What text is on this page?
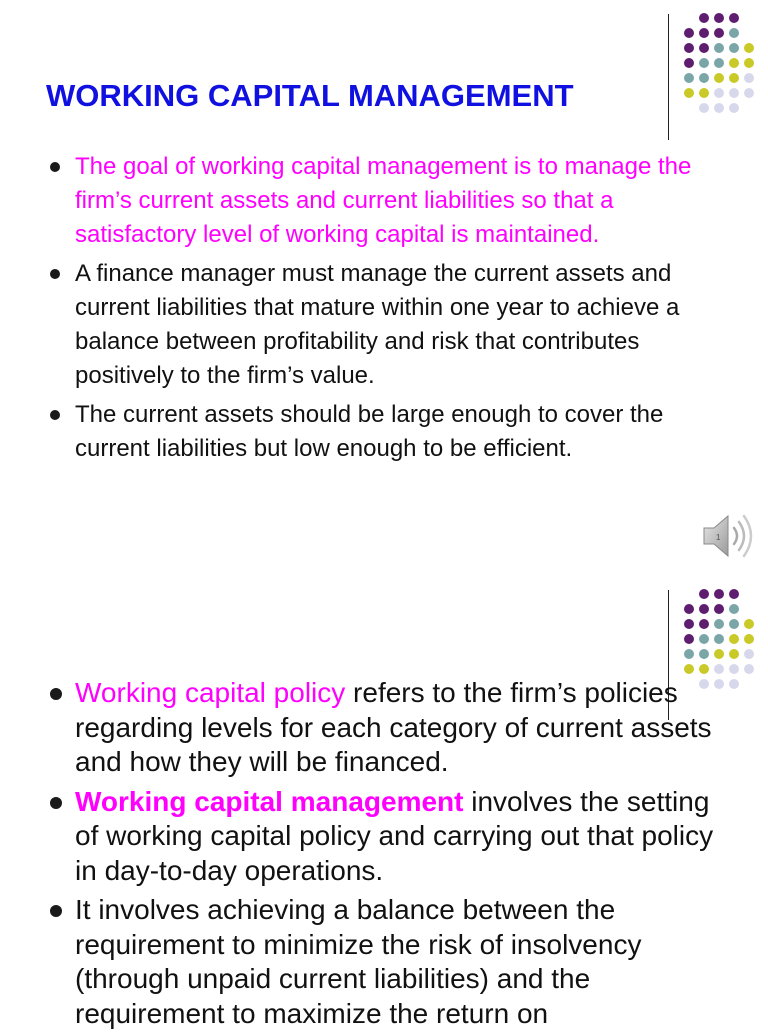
WORKING CAPITAL MANAGEMENT
The goal of working capital management is to manage the firm’s current assets and current liabilities so that a satisfactory level of working capital is maintained.
A finance manager must manage the current assets and current liabilities that mature within one year to achieve a balance between profitability and risk that contributes positively to the firm’s value.
The current assets should be large enough to cover the current liabilities but low enough to be efficient.
1
Working capital policy refers to the firm’s policies regarding levels for each category of current assets and how they will be financed.
Working capital management involves the setting of working capital policy and carrying out that policy in day-to-day operations.
It involves achieving a balance between the requirement to minimize the risk of insolvency (through unpaid current liabilities) and the requirement to maximize the return on
